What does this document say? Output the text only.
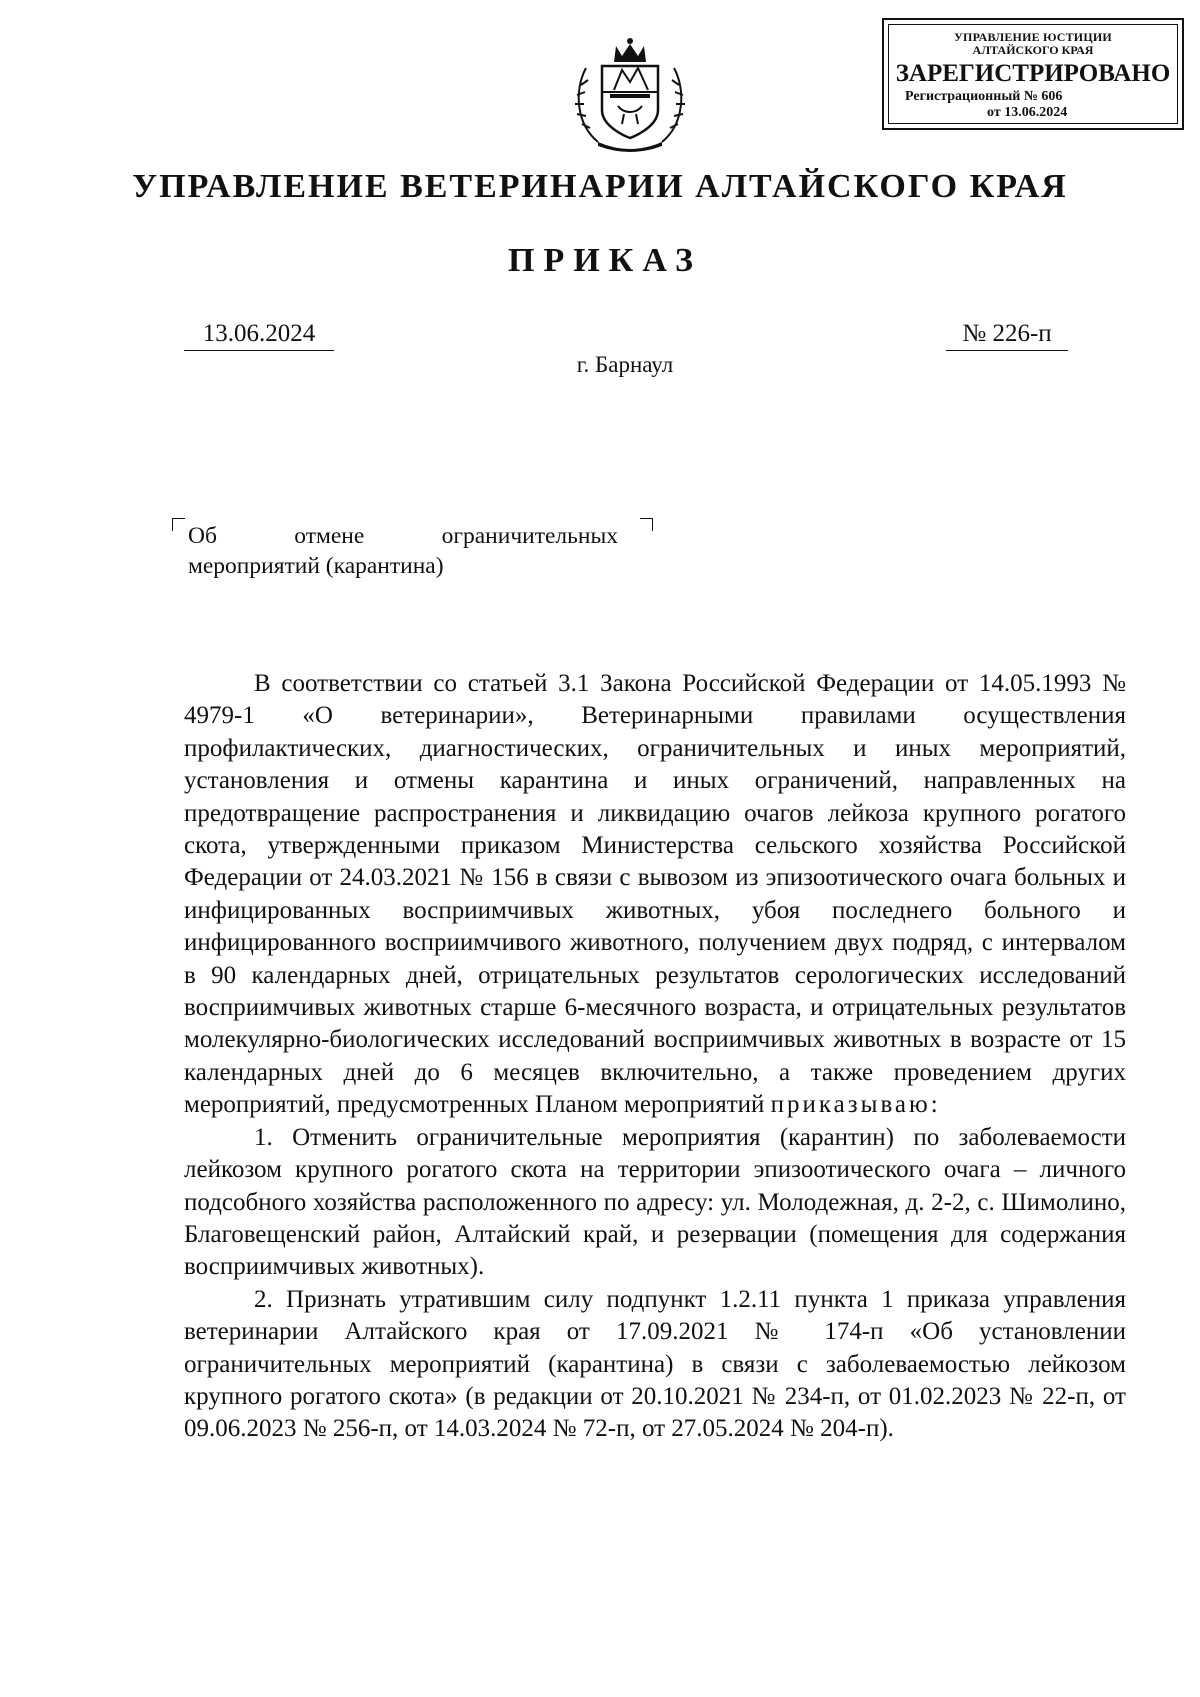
УПРАВЛЕНИЕ ЮСТИЦИИ
АЛТАЙСКОГО КРАЯ
ЗАРЕГИСТРИРОВАНО
Регистрационный № 606
от 13.06.2024
УПРАВЛЕНИЕ ВЕТЕРИНАРИИ АЛТАЙСКОГО КРАЯ
ПРИКАЗ
13.06.2024	№ 226-п
г. Барнаул
Об отмене ограничительных
мероприятий (карантина)

В соответствии со статьей 3.1 Закона Российской Федерации от 14.05.1993 № 4979-1 «О ветеринарии», Ветеринарными правилами осуществления профилактических, диагностических, ограничительных и иных мероприятий, установления и отмены карантина и иных ограничений, направленных на предотвращение распространения и ликвидацию очагов лейкоза крупного рогатого скота, утвержденными приказом Министерства сельского хозяйства Российской Федерации от 24.03.2021 № 156 в связи с вывозом из эпизоотического очага больных и инфицированных восприимчивых животных, убоя последнего больного и инфицированного восприимчивого животного, получением двух подряд, с интервалом в 90 календарных дней, отрицательных результатов серологических исследований восприимчивых животных старше 6-месячного возраста, и отрицательных результатов молекулярно-биологических исследований восприимчивых животных в возрасте от 15 календарных дней до 6 месяцев включительно, а также проведением других мероприятий, предусмотренных Планом мероприятий приказываю:

1. Отменить ограничительные мероприятия (карантин) по заболеваемости лейкозом крупного рогатого скота на территории эпизоотического очага – личного подсобного хозяйства расположенного по адресу: ул. Молодежная, д. 2-2, с. Шимолино, Благовещенский район, Алтайский край, и резервации (помещения для содержания восприимчивых животных).

2. Признать утратившим силу подпункт 1.2.11 пункта 1 приказа управления ветеринарии Алтайского края от 17.09.2021 № 174-п «Об установлении ограничительных мероприятий (карантина) в связи с заболеваемостью лейкозом крупного рогатого скота» (в редакции от 20.10.2021 № 234-п, от 01.02.2023 № 22-п, от 09.06.2023 № 256-п, от 14.03.2024 № 72-п, от 27.05.2024 № 204-п).
